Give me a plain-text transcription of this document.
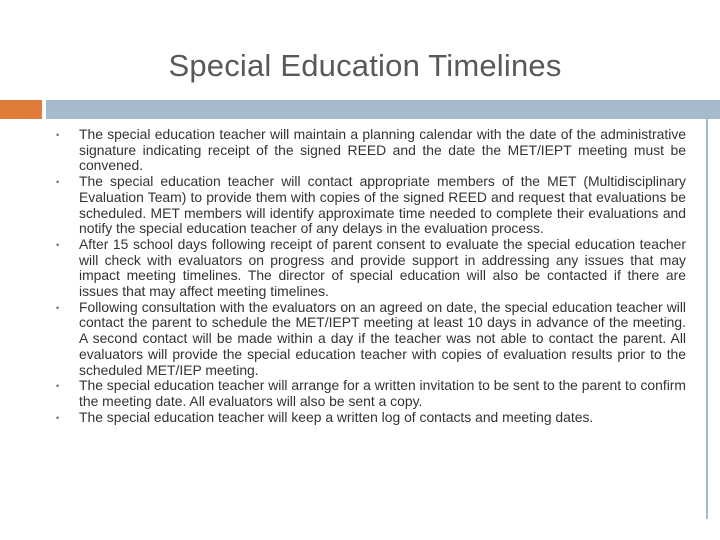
Special Education Timelines
• The special education teacher will maintain a planning calendar with the date of the administrative signature indicating receipt of the signed REED and the date the MET/IEPT meeting must be convened.
• The special education teacher will contact appropriate members of the MET (Multidisciplinary Evaluation Team) to provide them with copies of the signed REED and request that evaluations be scheduled. MET members will identify approximate time needed to complete their evaluations and notify the special education teacher of any delays in the evaluation process.
• After 15 school days following receipt of parent consent to evaluate the special education teacher will check with evaluators on progress and provide support in addressing any issues that may impact meeting timelines. The director of special education will also be contacted if there are issues that may affect meeting timelines.
• Following consultation with the evaluators on an agreed on date, the special education teacher will contact the parent to schedule the MET/IEPT meeting at least 10 days in advance of the meeting. A second contact will be made within a day if the teacher was not able to contact the parent. All evaluators will provide the special education teacher with copies of evaluation results prior to the scheduled MET/IEP meeting.
• The special education teacher will arrange for a written invitation to be sent to the parent to confirm the meeting date. All evaluators will also be sent a copy.
• The special education teacher will keep a written log of contacts and meeting dates.
